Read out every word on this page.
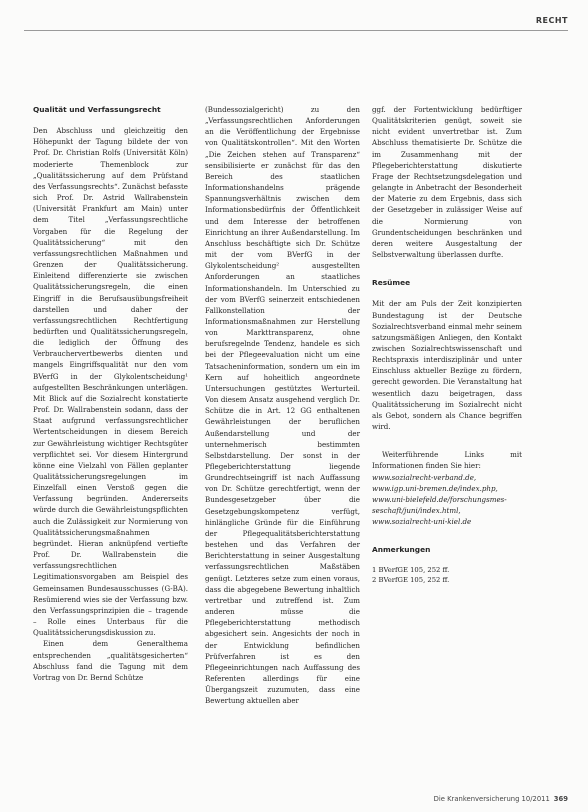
RECHT
Qualität und Verfassungsrecht

Den Abschluss und gleichzeitig den Höhepunkt der Tagung bildete der von Prof. Dr. Christian Rolfs (Universität Köln) moderierte Themenblock zur „Qualitätssicherung auf dem Prüfstand des Verfassungsrechts“. Zunächst befasste sich Prof. Dr. Astrid Wallrabenstein (Universität Frankfurt am Main) unter dem Titel „Verfassungsrechtliche Vorgaben für die Regelung der Qualitätssicherung“ mit den verfassungsrechtlichen Maßnahmen und Grenzen der Qualitätssicherung. Einleitend differenzierte sie zwischen Qualitätssicherungsregeln, die einen Eingriff in die Berufsausübungsfreiheit darstellen und daher der verfassungsrechtlichen Rechtfertigung bedürften und Qualitätssicherungsregeln, die lediglich der Öffnung des Verbrauchervertbewerbs dienten und mangels Eingriffsqualität nur den vom BVerfG in der Glykolentscheidung¹ aufgestellten Beschränkungen unterlägen. Mit Blick auf die Sozialrecht konstatierte Prof. Dr. Wallrabenstein sodann, dass der Staat aufgrund verfassungsrechtlicher Wertentscheidungen in diesem Bereich zur Gewährleistung wichtiger Rechtsgüter verpflichtet sei. Vor diesem Hintergrund könne eine Vielzahl von Fällen geplanter Qualitätssicherungsregelungen im Einzelfall einen Verstoß gegen die Verfassung begründen. Andererseits würde durch die Gewährleistungspflichten auch die Zulässigkeit zur Normierung von Qualitätssicherungsmaßnahmen begründet. Hieran anknüpfend vertiefte Prof. Dr. Wallrabenstein die verfassungsrechtlichen Legitimationsvorgaben am Beispiel des Gemeinsamen Bundesausschusses (G-BA). Resümierend wies sie der Verfassung bzw. den Verfassungsprinzipien die – tragende – Rolle eines Unterbaus für die Qualitätssicherungsdiskussion zu.

Einen dem Generalthema entsprechenden „qualitätsgesicherten“ Abschluss fand die Tagung mit dem Vortrag von Dr. Bernd Schütze

(Bundessozialgericht) zu den „Verfassungsrechtlichen Anforderungen an die Veröffentlichung der Ergebnisse von Qualitätskontrollen“. Mit den Worten „Die Zeichen stehen auf Transparenz“ sensibilisierte er zunächst für das den Bereich des staatlichen Informationshandelns prägende Spannungsverhältnis zwischen dem Informationsbedürfnis der Öffentlichkeit und dem Interesse der betroffenen Einrichtung an ihrer Außendarstellung. Im Anschluss beschäftigte sich Dr. Schütze mit der vom BVerfG in der Glykolentscheidung² ausgestellten Anforderungen an staatliches Informationshandeln. Im Unterschied zu der vom BVerfG seinerzeit entschiedenen Fallkonstellation der Informationsmaßnahmen zur Herstellung von Markttransparenz, ohne berufsregelnde Tendenz, handele es sich bei der Pflegeevaluation nicht um eine Tatsacheninformation, sondern um ein im Kern auf hoheitlich angeordnete Untersuchungen gestütztes Werturteil. Von diesem Ansatz ausgehend verglich Dr. Schütze die in Art. 12 GG enthaltenen Gewährleistungen der beruflichen Außendarstellung und der unternehmerisch bestimmten Selbstdarstellung. Der sonst in der Pflegeberichterstattung liegende Grundrechtseingriff ist nach Auffassung von Dr. Schütze gerechtfertigt, wenn der Bundesgesetzgeber über die Gesetzgebungskompetenz verfügt, hinlängliche Gründe für die Einführung der Pflegequalitätsberichterstattung bestehen und das Verfahren der Berichterstattung in seiner Ausgestaltung verfassungsrechtlichen Maßstäben genügt. Letzteres setze zum einen voraus, dass die abgegebene Bewertung inhaltlich vertretbar und zutreffend ist. Zum anderen müsse die Pflegeberichterstattung methodisch abgesichert sein. Angesichts der noch in der Entwicklung befindlichen Prüfverfahren ist es den Pflegeeinrichtungen nach Auffassung des Referenten allerdings für eine Übergangszeit zuzumuten, dass eine Bewertung aktuellen aber

ggf. der Fortentwicklung bedürftiger Qualitätskriterien genügt, soweit sie nicht evident unvertretbar ist. Zum Abschluss thematisierte Dr. Schütze die im Zusammenhang mit der Pflegeberichterstattung diskutierte Frage der Rechtsetzungsdelegation und gelangte in Anbetracht der Besonderheit der Materie zu dem Ergebnis, dass sich der Gesetzgeber in zulässiger Weise auf die Normierung von Grundentscheidungen beschränken und deren weitere Ausgestaltung der Selbstverwaltung überlassen durfte.

Resümee

Mit der am Puls der Zeit konzipierten Bundestagung ist der Deutsche Sozialrechtsverband einmal mehr seinem satzungsmäßigen Anliegen, den Kontakt zwischen Sozialrechtswissenschaft und Rechtspraxis interdisziplinär und unter Einschluss aktueller Bezüge zu fördern, gerecht geworden. Die Veranstaltung hat wesentlich dazu beigetragen, dass Qualitätssicherung im Sozialrecht nicht als Gebot, sondern als Chance begriffen wird.

Weiterführende Links mit Informationen finden Sie hier:

www.sozialrecht-verband.de,
www.igp.uni-bremen.de/index.php,
www.uni-bielefeld.de/forschungsmes-
seschaft/juni/index.html,
www.sozialrecht-uni-kiel.de
Anmerkungen
1 BVerfGE 105, 252 ff.
2 BVerfGE 105, 252 ff.
Die Krankenversicherung 10/2011 369
